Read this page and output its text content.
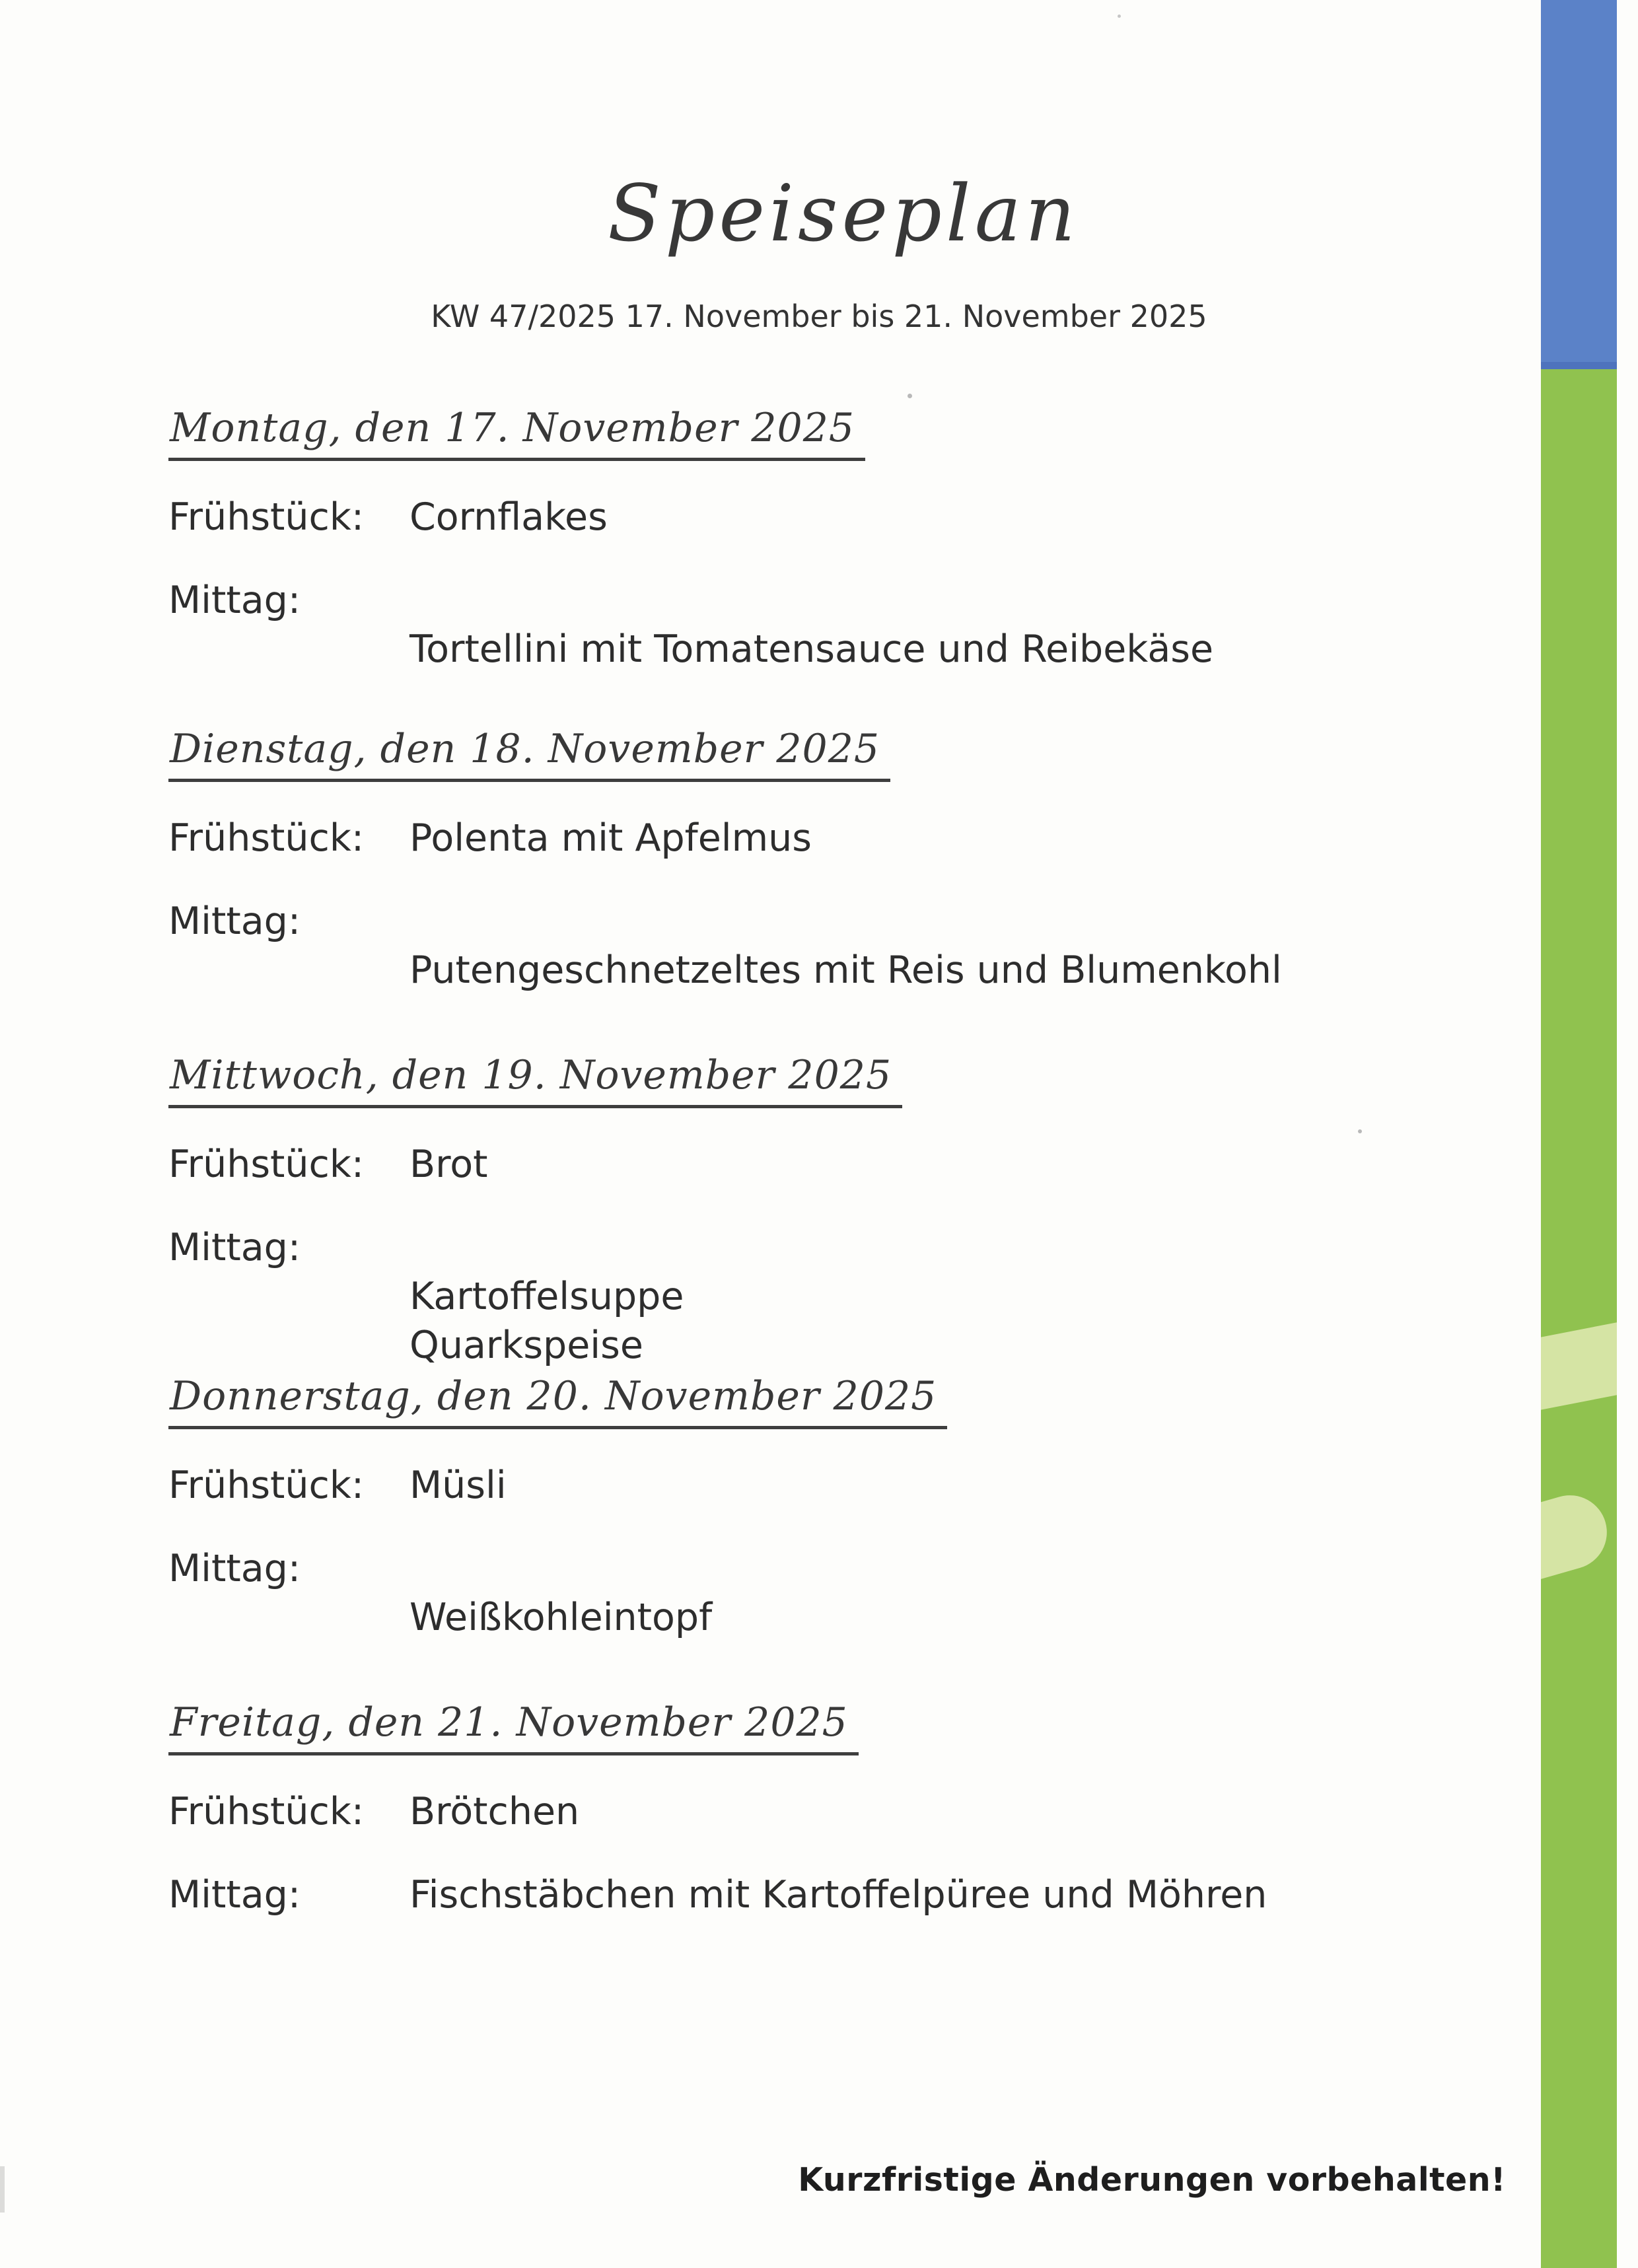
Speiseplan
KW 47/2025 17. November bis 21. November 2025
Montag, den 17. November 2025
Frühstück:	Cornflakes
Mittag:
Tortellini mit Tomatensauce und Reibekäse
Dienstag, den 18. November 2025
Frühstück:	Polenta mit Apfelmus
Mittag:
Putengeschnetzeltes mit Reis und Blumenkohl
Mittwoch, den 19. November 2025
Frühstück:	Brot
Mittag:
Kartoffelsuppe
Quarkspeise
Donnerstag, den 20. November 2025
Frühstück:	Müsli
Mittag:
Weißkohleintopf
Freitag, den 21. November 2025
Frühstück:	Brötchen
Mittag:	Fischstäbchen mit Kartoffelpüree und Möhren
Kurzfristige Änderungen vorbehalten!
